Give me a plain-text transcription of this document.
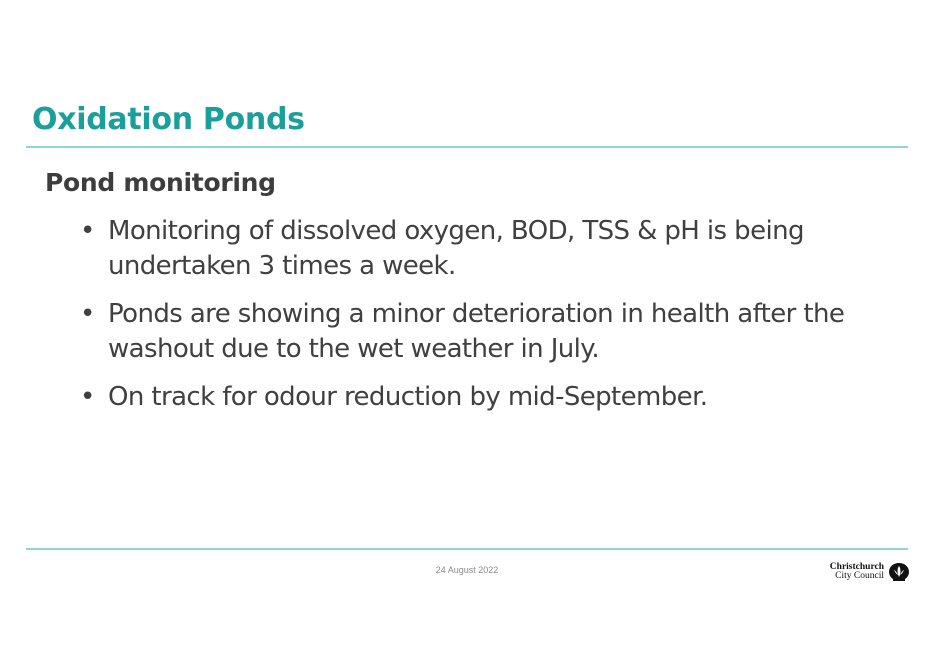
Oxidation Ponds
Pond monitoring
• Monitoring of dissolved oxygen, BOD, TSS & pH is being undertaken 3 times a week.
• Ponds are showing a minor deterioration in health after the washout due to the wet weather in July.
• On track for odour reduction by mid-September.
24 August 2022	Christchurch
City Council
